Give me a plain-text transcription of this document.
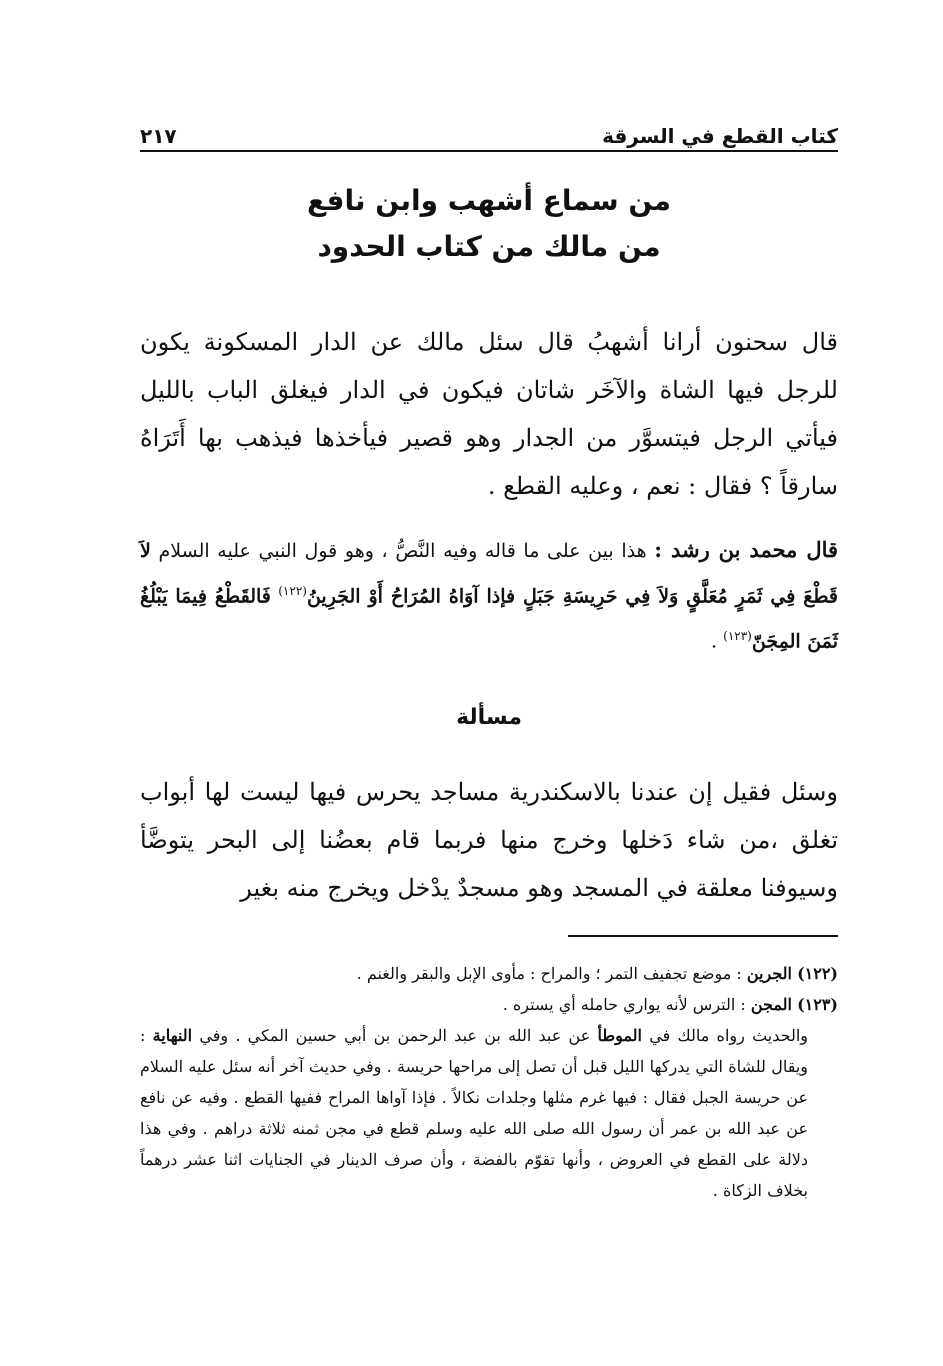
كتاب القطع في السرقة
٢١٧
من سماع أشهب وابن نافع
من مالك من كتاب الحدود
قال سحنون أرانا أشهبُ قال سئل مالك عن الدار المسكونة يكون للرجل فيها الشاة والآخَر شاتان فيكون في الدار فيغلق الباب بالليل فيأتي الرجل فيتسوَّر من الجدار وهو قصير فيأخذها فيذهب بها أَتَرَاهُ سارقاً ؟ فقال : نعم ، وعليه القطع .
قال محمد بن رشد : هذا بين على ما قاله وفيه النَّصُّ ، وهو قول النبي عليه السلام لاَ قَطْعَ فِي ثَمَرٍ مُعَلَّقٍ وَلاَ فِي حَرِيسَةِ جَبَلٍ فإذا آوَاهُ المُرَاحُ أَوْ الجَرِينُ$^{(١٢٢)}$ فَالقَطْعُ فِيمَا يَبْلُغُ ثَمَنَ المِجَنّ$^{(١٢٣)}$ .
مسألة
وسئل فقيل إن عندنا بالاسكندرية مساجد يحرس فيها ليست لها أبواب تغلق ،من شاء دَخلها وخرج منها فربما قام بعضُنا إلى البحر يتوضَّأ وسيوفنا معلقة في المسجد وهو مسجدٌ يدْخل ويخرج منه بغير
(١٢٢) الجرين : موضع تجفيف التمر ؛ والمراح : مأوى الإبل والبقر والغنم .
(١٢٣) المجن : الترس لأنه يواري حامله أي يستره .
والحديث رواه مالك في الموطأ عن عبد الله بن عبد الرحمن بن أبي حسين المكي . وفي النهاية : ويقال للشاة التي يدركها الليل قبل أن تصل إلى مراحها حريسة . وفي حديث آخر أنه سئل عليه السلام عن حريسة الجبل فقال : فيها غرم مثلها وجلدات نكالاً . فإذا آواها المراح ففيها القطع . وفيه عن نافع عن عبد الله بن عمر أن رسول الله صلى الله عليه وسلم قطع في مجن ثمنه ثلاثة دراهم . وفي هذا دلالة على القطع في العروض ، وأنها تقوّم بالفضة ، وأن صرف الدينار في الجنايات اثنا عشر درهماً بخلاف الزكاة .
